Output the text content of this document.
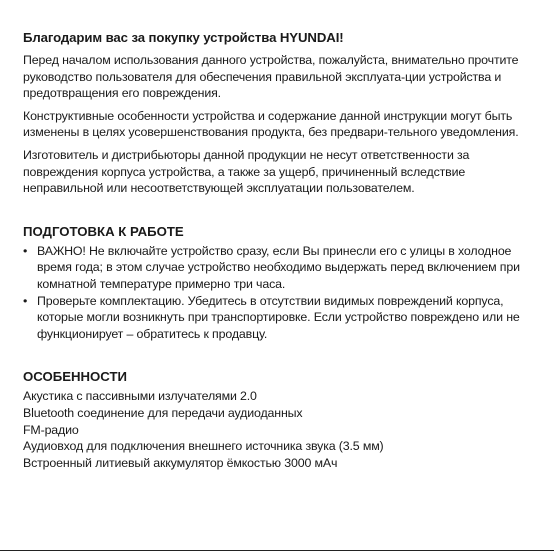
Благодарим вас за покупку устройства HYUNDAI!
Перед началом использования данного устройства, пожалуйста, внимательно прочтите руководство пользователя для обеспечения правильной эксплуата-ции устройства и предотвращения его повреждения.
Конструктивные особенности устройства и содержание данной инструкции могут быть изменены в целях усовершенствования продукта, без предвари-тельного уведомления.
Изготовитель и дистрибьюторы данной продукции не несут ответственности за повреждения корпуса устройства, а также за ущерб, причиненный вследствие неправильной или несоответствующей эксплуатации пользователем.
ПОДГОТОВКА К РАБОТЕ
• ВАЖНО! Не включайте устройство сразу, если Вы принесли его с улицы в холодное время года; в этом случае устройство необходимо выдержать перед включением при комнатной температуре примерно три часа.
• Проверьте комплектацию. Убедитесь в отсутствии видимых повреждений корпуса, которые могли возникнуть при транспортировке. Если устройство повреждено или не функционирует – обратитесь к продавцу.
ОСОБЕННОСТИ
Акустика с пассивными излучателями 2.0
Bluetooth соединение для передачи аудиоданных
FM-радио
Аудиовход для подключения внешнего источника звука (3.5 мм)
Встроенный литиевый аккумулятор ёмкостью 3000 мАч
